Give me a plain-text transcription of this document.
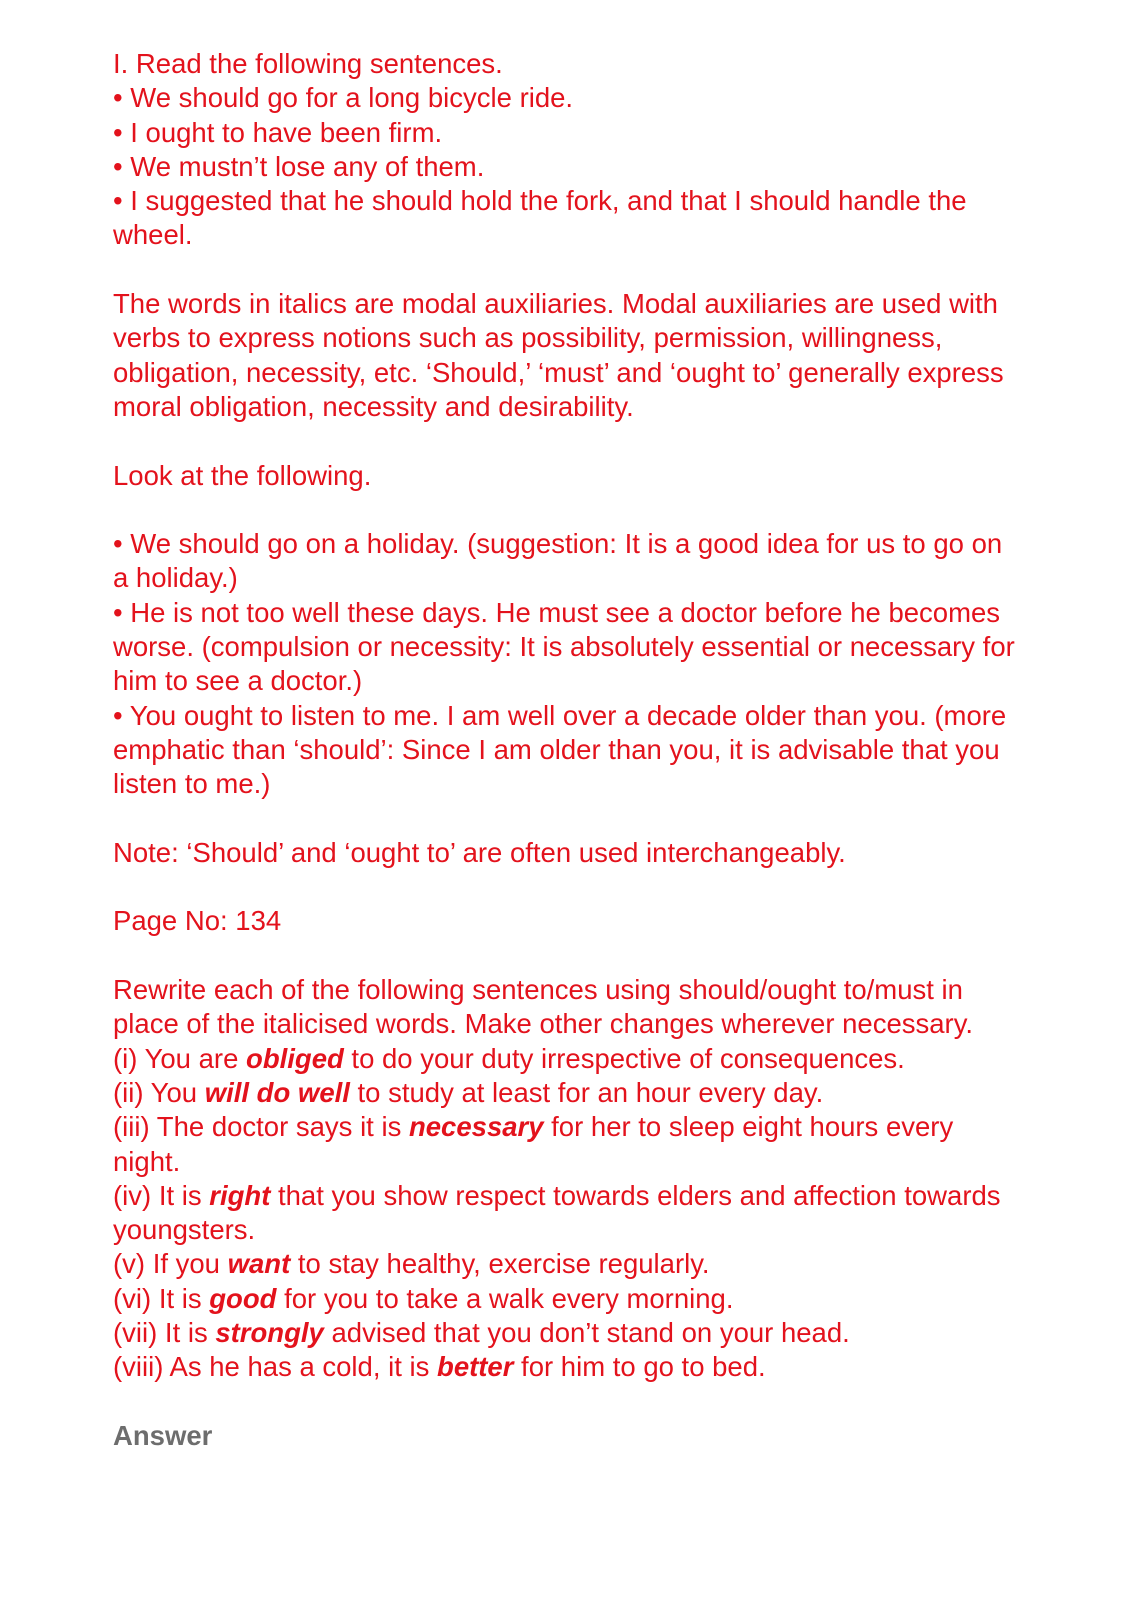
I. Read the following sentences.

• We should go for a long bicycle ride.

• I ought to have been firm.

• We mustn’t lose any of them.

• I suggested that he should hold the fork, and that I should handle the wheel.

The words in italics are modal auxiliaries. Modal auxiliaries are used with verbs to express notions such as possibility, permission, willingness, obligation, necessity, etc. ‘Should,’ ‘must’ and ‘ought to’ generally express moral obligation, necessity and desirability.

Look at the following.

• We should go on a holiday. (suggestion: It is a good idea for us to go on a holiday.)

• He is not too well these days. He must see a doctor before he becomes worse. (compulsion or necessity: It is absolutely essential or necessary for him to see a doctor.)

• You ought to listen to me. I am well over a decade older than you. (more emphatic than ‘should’: Since I am older than you, it is advisable that you listen to me.)

Note: ‘Should’ and ‘ought to’ are often used interchangeably.

Page No: 134

Rewrite each of the following sentences using should/ought to/must in place of the italicised words. Make other changes wherever necessary.

(i) You are obliged to do your duty irrespective of consequences.

(ii) You will do well to study at least for an hour every day.

(iii) The doctor says it is necessary for her to sleep eight hours every night.

(iv) It is right that you show respect towards elders and affection towards youngsters.

(v) If you want to stay healthy, exercise regularly.

(vi) It is good for you to take a walk every morning.

(vii) It is strongly advised that you don’t stand on your head.

(viii) As he has a cold, it is better for him to go to bed.

Answer
